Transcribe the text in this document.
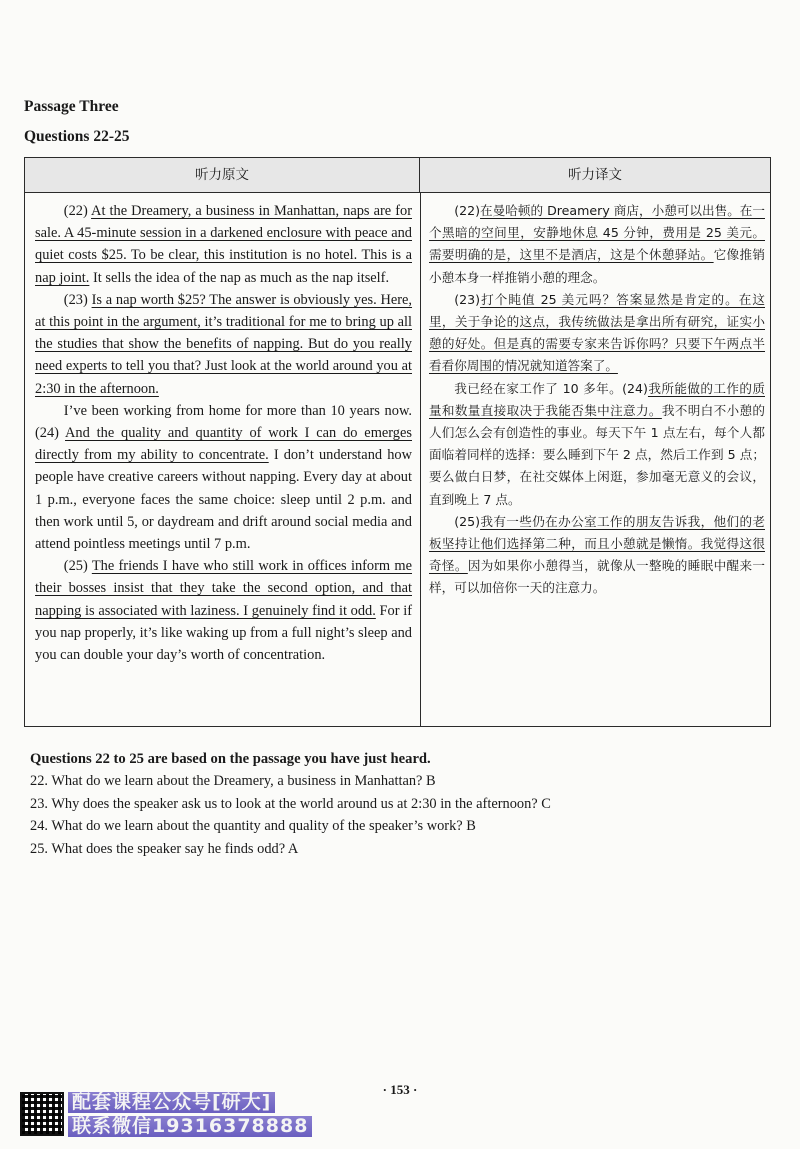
Passage Three
Questions 22-25
听力原文	听力译文

(22) At the Dreamery, a business in Manhattan, naps are for sale. A 45-minute session in a darkened enclosure with peace and quiet costs $25. To be clear, this institution is no hotel. This is a nap joint. It sells the idea of the nap as much as the nap itself.

(23) Is a nap worth $25? The answer is obviously yes. Here, at this point in the argument, it’s traditional for me to bring up all the studies that show the benefits of napping. But do you really need experts to tell you that? Just look at the world around you at 2:30 in the afternoon.

I’ve been working from home for more than 10 years now. (24) And the quality and quantity of work I can do emerges directly from my ability to concentrate. I don’t understand how people have creative careers without napping. Every day at about 1 p.m., everyone faces the same choice: sleep until 2 p.m. and then work until 5, or daydream and drift around social media and attend pointless meetings until 7 p.m.

(25) The friends I have who still work in offices inform me their bosses insist that they take the second option, and that napping is associated with laziness. I genuinely find it odd. For if you nap properly, it’s like waking up from a full night’s sleep and you can double your day’s worth of concentration.

(22)在曼哈顿的 Dreamery 商店，小憩可以出售。在一个黑暗的空间里，安静地休息 45 分钟，费用是 25 美元。需要明确的是，这里不是酒店，这是个休憩驿站。它像推销小憩本身一样推销小憩的理念。

(23)打个盹值 25 美元吗？答案显然是肯定的。在这里，关于争论的这点，我传统做法是拿出所有研究，证实小憩的好处。但是真的需要专家来告诉你吗？只要下午两点半看看你周围的情况就知道答案了。

我已经在家工作了 10 多年。(24)我所能做的工作的质量和数量直接取决于我能否集中注意力。我不明白不小憩的人们怎么会有创造性的事业。每天下午 1 点左右，每个人都面临着同样的选择：要么睡到下午 2 点，然后工作到 5 点；要么做白日梦，在社交媒体上闲逛，参加毫无意义的会议，直到晚上 7 点。

(25)我有一些仍在办公室工作的朋友告诉我，他们的老板坚持让他们选择第二种，而且小憩就是懒惰。我觉得这很奇怪。因为如果你小憩得当，就像从一整晚的睡眠中醒来一样，可以加倍你一天的注意力。

Questions 22 to 25 are based on the passage you have just heard.

22. What do we learn about the Dreamery, a business in Manhattan? B

23. Why does the speaker ask us to look at the world around us at 2:30 in the afternoon? C

24. What do we learn about the quantity and quality of the speaker’s work? B

25. What does the speaker say he finds odd? A

· 153 ·
配套课程公众号[研大]
联系微信19316378888
